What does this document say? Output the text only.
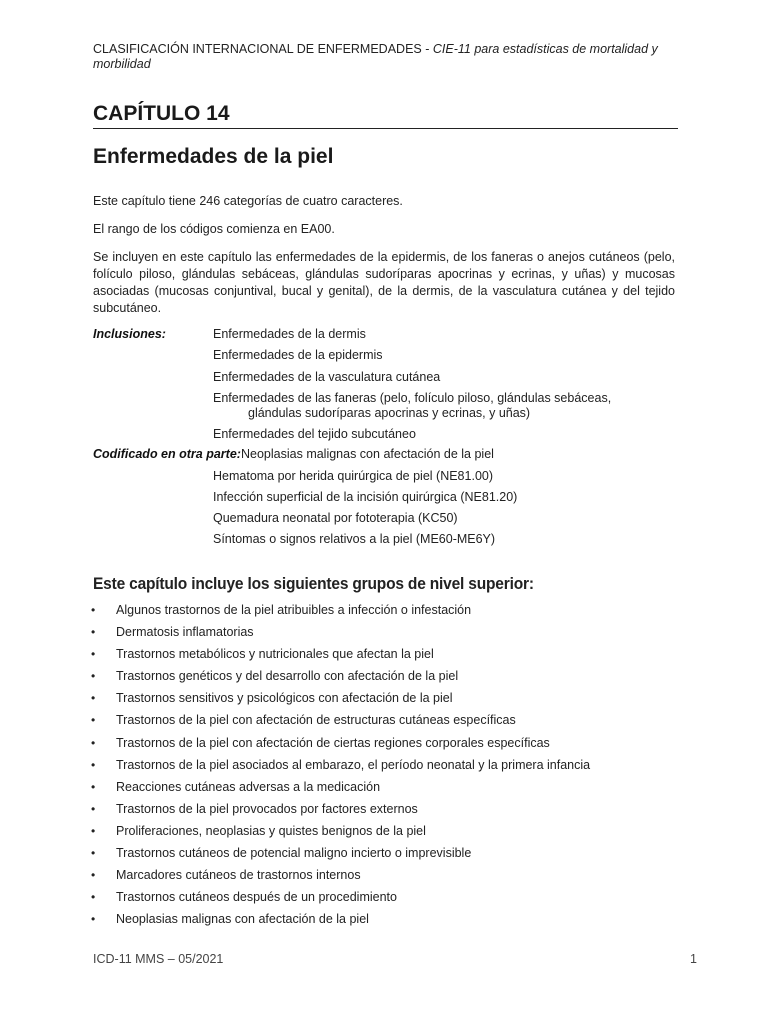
CLASIFICACIÓN INTERNACIONAL DE ENFERMEDADES - CIE-11 para estadísticas de mortalidad y morbilidad
CAPÍTULO 14
Enfermedades de la piel

Este capítulo tiene 246 categorías de cuatro caracteres.

El rango de los códigos comienza en EA00.

Se incluyen en este capítulo las enfermedades de la epidermis, de los faneras o anejos cutáneos (pelo, folículo piloso, glándulas sebáceas, glándulas sudoríparas apocrinas y ecrinas, y uñas) y mucosas asociadas (mucosas conjuntival, bucal y genital), de la dermis, de la vasculatura cutánea y del tejido subcutáneo.

Inclusiones:	Enfermedades de la dermis
Enfermedades de la epidermis
Enfermedades de la vasculatura cutánea
Enfermedades de las faneras (pelo, folículo piloso, glándulas sebáceas,
glándulas sudoríparas apocrinas y ecrinas, y uñas)
Enfermedades del tejido subcutáneo
Codificado en otra parte: Neoplasias malignas con afectación de la piel
Hematoma por herida quirúrgica de piel (NE81.00)
Infección superficial de la incisión quirúrgica (NE81.20)
Quemadura neonatal por fototerapia (KC50)
Síntomas o signos relativos a la piel (ME60-ME6Y)
Este capítulo incluye los siguientes grupos de nivel superior:
• Algunos trastornos de la piel atribuibles a infección o infestación
• Dermatosis inflamatorias
• Trastornos metabólicos y nutricionales que afectan la piel
• Trastornos genéticos y del desarrollo con afectación de la piel
• Trastornos sensitivos y psicológicos con afectación de la piel
• Trastornos de la piel con afectación de estructuras cutáneas específicas
• Trastornos de la piel con afectación de ciertas regiones corporales específicas
• Trastornos de la piel asociados al embarazo, el período neonatal y la primera infancia
• Reacciones cutáneas adversas a la medicación
• Trastornos de la piel provocados por factores externos
• Proliferaciones, neoplasias y quistes benignos de la piel
• Trastornos cutáneos de potencial maligno incierto o imprevisible
• Marcadores cutáneos de trastornos internos
• Trastornos cutáneos después de un procedimiento
• Neoplasias malignas con afectación de la piel
ICD-11 MMS – 05/2021	1
